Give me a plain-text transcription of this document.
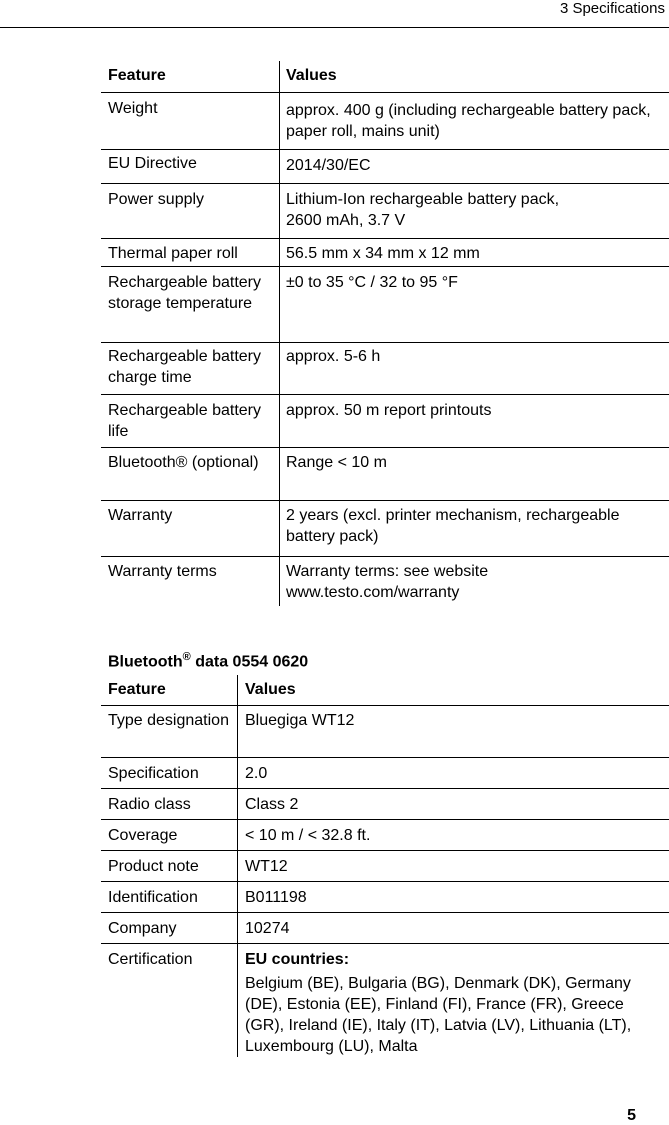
3 Specifications
Feature	Values
Weight	approx. 400 g (including rechargeable battery pack, paper roll, mains unit)
EU Directive	2014/30/EC
Power supply	Lithium-Ion rechargeable battery pack,
2600 mAh, 3.7 V
Thermal paper roll	56.5 mm x 34 mm x 12 mm
Rechargeable battery storage temperature	±0 to 35 °C / 32 to 95 °F
Rechargeable battery charge time	approx. 5-6 h
Rechargeable battery life	approx. 50 m report printouts
Bluetooth® (optional)	Range < 10 m
Warranty	2 years (excl. printer mechanism, rechargeable battery pack)
Warranty terms	Warranty terms: see website
www.testo.com/warranty
Bluetooth® data 0554 0620
Feature	Values
Type designation	Bluegiga WT12
Specification	2.0
Radio class	Class 2
Coverage	< 10 m / < 32.8 ft.
Product note	WT12
Identification	B011198
Company	10274
Certification	EU countries:
Belgium (BE), Bulgaria (BG), Denmark (DK), Germany (DE), Estonia (EE), Finland (FI), France (FR), Greece (GR), Ireland (IE), Italy (IT), Latvia (LV), Lithuania (LT), Luxembourg (LU), Malta
5
